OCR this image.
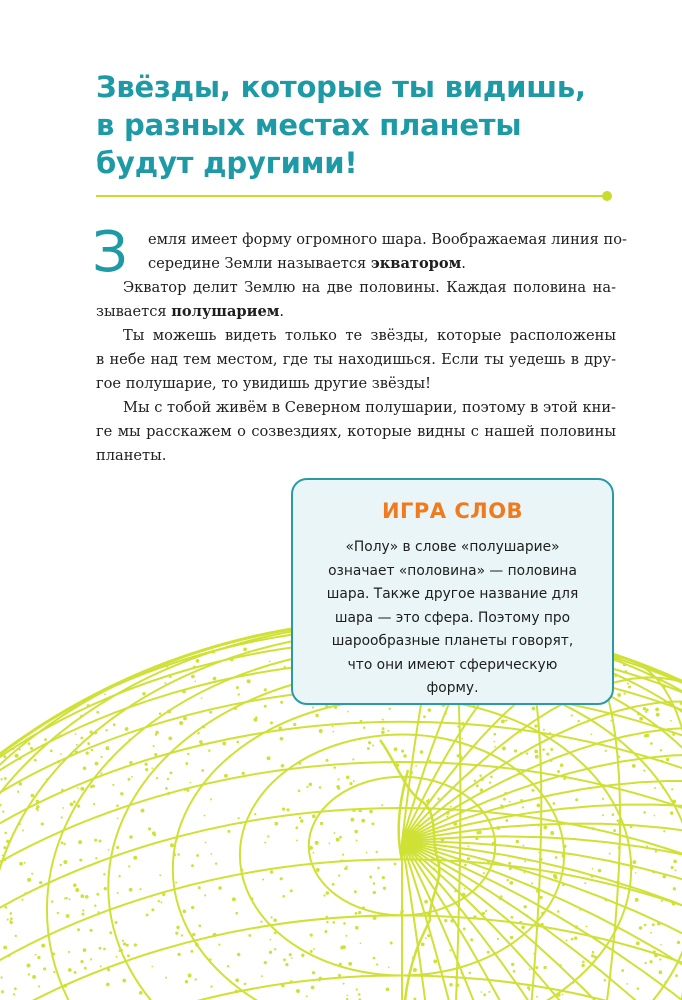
Звёзды, которые ты видишь,
в разных местах планеты
будут другими!
З	емля имеет форму огромного шара. Воображаемая линия по-
середине Земли называется экватором.
Экватор делит Землю на две половины. Каждая половина на-
зывается полушарием.
Ты можешь видеть только те звёзды, которые расположены
в небе над тем местом, где ты находишься. Если ты уедешь в дру-
гое полушарие, то увидишь другие звёзды!
Мы с тобой живём в Северном полушарии, поэтому в этой кни-
ге мы расскажем о созвездиях, которые видны с нашей половины
планеты.
ИГРА СЛОВ
«Полу» в слове «полушарие»
означает «половина» — половина
шара. Также другое название для
шара — это сфера. Поэтому про
шарообразные планеты говорят,
что они имеют сферическую
форму.
